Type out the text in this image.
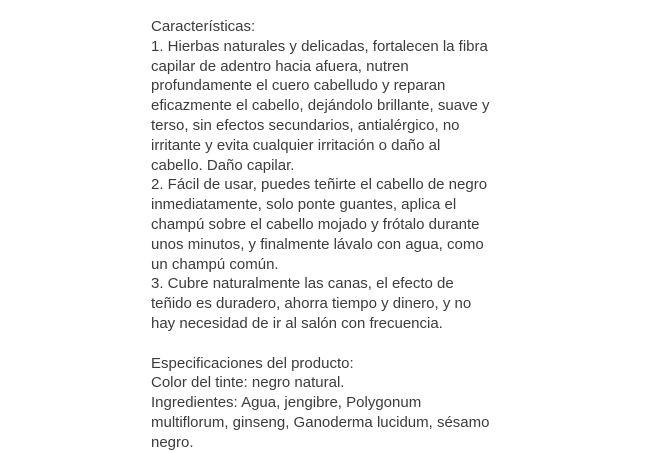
Características:
1. Hierbas naturales y delicadas, fortalecen la fibra
capilar de adentro hacia afuera, nutren
profundamente el cuero cabelludo y reparan
eficazmente el cabello, dejándolo brillante, suave y
terso, sin efectos secundarios, antialérgico, no
irritante y evita cualquier irritación o daño al
cabello. Daño capilar.
2. Fácil de usar, puedes teñirte el cabello de negro
inmediatamente, solo ponte guantes, aplica el
champú sobre el cabello mojado y frótalo durante
unos minutos, y finalmente lávalo con agua, como
un champú común.
3. Cubre naturalmente las canas, el efecto de
teñido es duradero, ahorra tiempo y dinero, y no
hay necesidad de ir al salón con frecuencia.
Especificaciones del producto:
Color del tinte: negro natural.
Ingredientes: Agua, jengibre, Polygonum
multiflorum, ginseng, Ganoderma lucidum, sésamo
negro.
